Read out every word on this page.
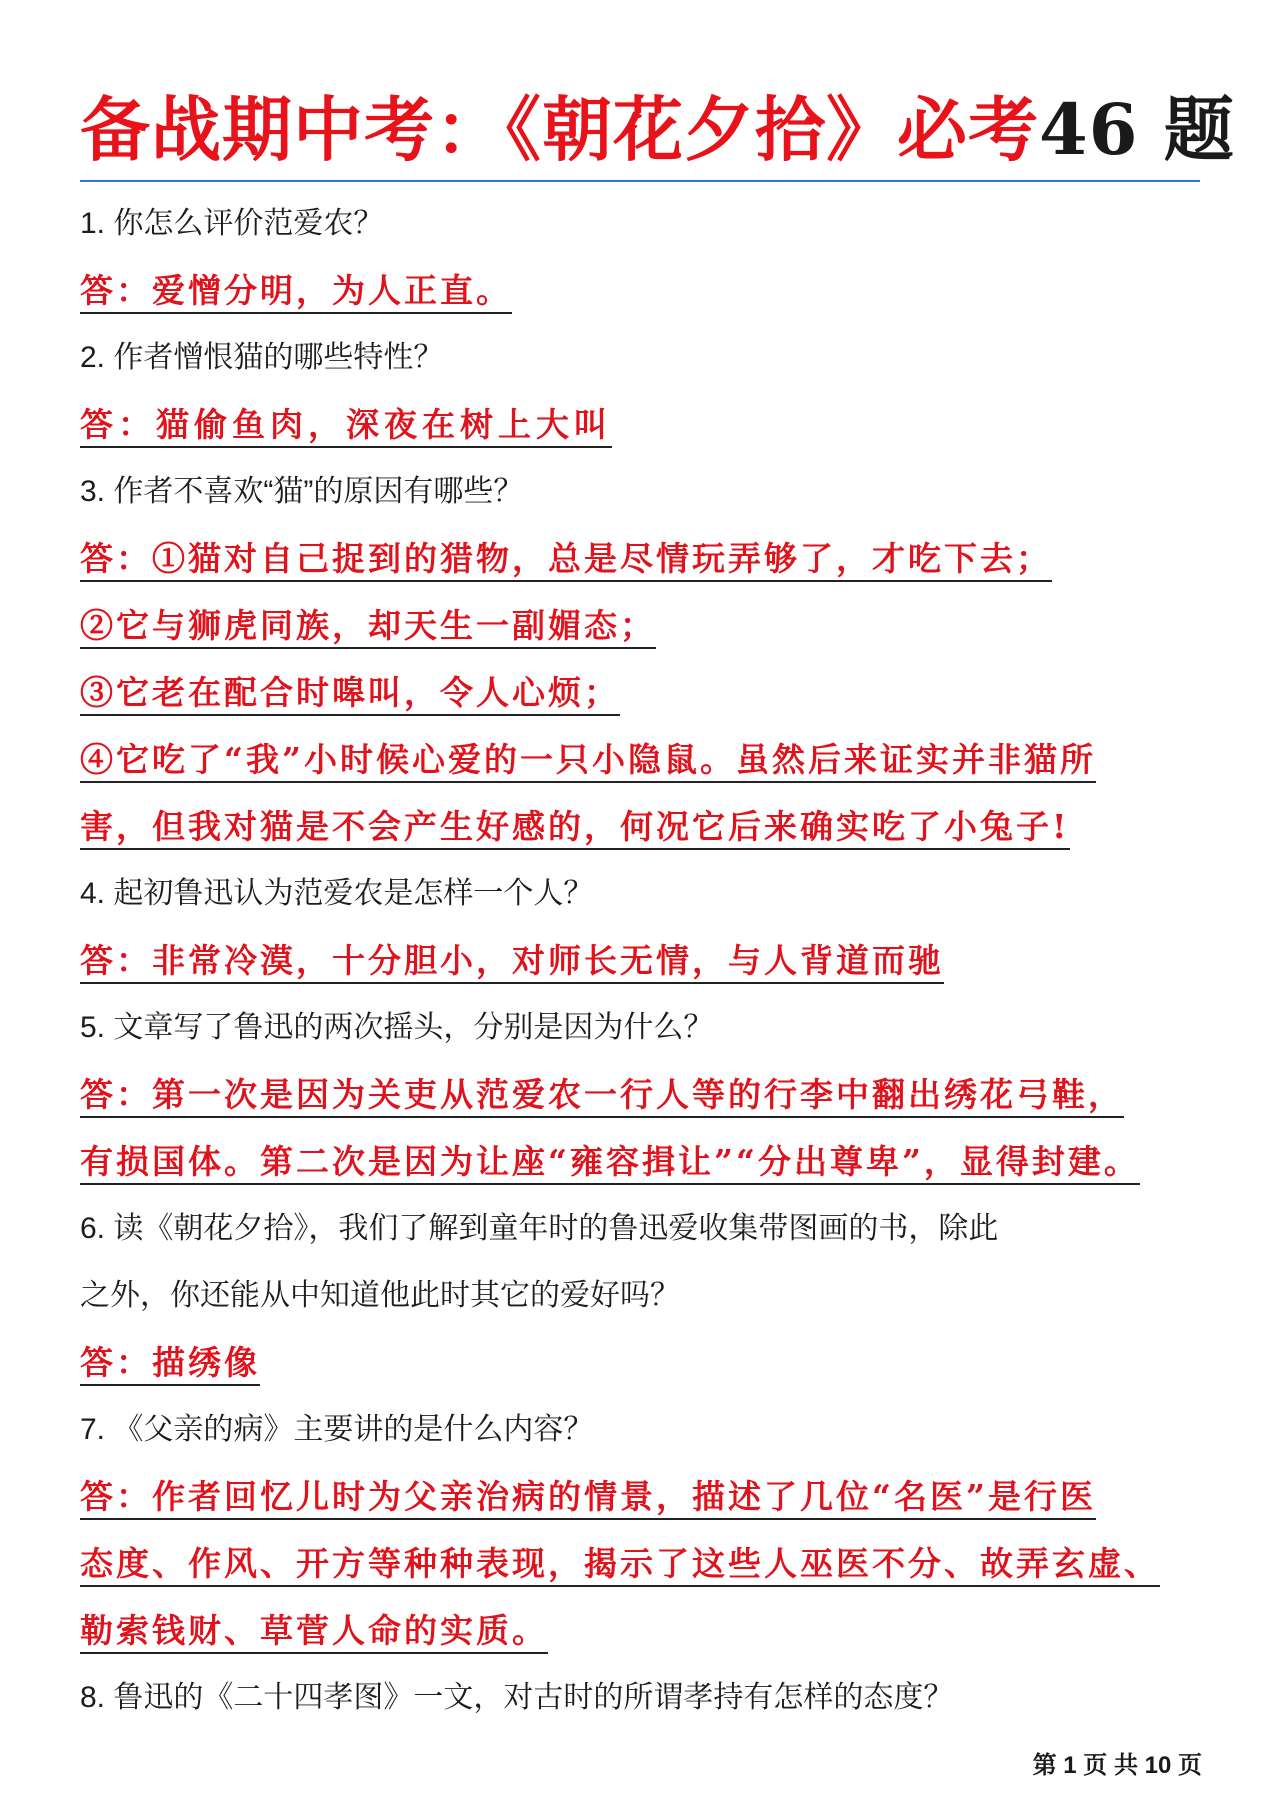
备战期中考：《朝花夕拾》必考46 题
1. 你怎么评价范爱农？
答：爱憎分明，为人正直。
2. 作者憎恨猫的哪些特性？
答：猫偷鱼肉，深夜在树上大叫
3. 作者不喜欢“猫”的原因有哪些？
答：①猫对自己捉到的猎物，总是尽情玩弄够了，才吃下去；
②它与狮虎同族，却天生一副媚态；
③它老在配合时嗥叫，令人心烦；
④它吃了“我”小时候心爱的一只小隐鼠。虽然后来证实并非猫所
害，但我对猫是不会产生好感的，何况它后来确实吃了小兔子!
4. 起初鲁迅认为范爱农是怎样一个人？
答：非常冷漠，十分胆小，对师长无情，与人背道而驰
5. 文章写了鲁迅的两次摇头，分别是因为什么？
答：第一次是因为关吏从范爱农一行人等的行李中翻出绣花弓鞋，
有损国体。第二次是因为让座“雍容揖让”“分出尊卑”，显得封建。
6. 读《朝花夕拾》，我们了解到童年时的鲁迅爱收集带图画的书，除此
之外，你还能从中知道他此时其它的爱好吗？
答：描绣像
7. 《父亲的病》主要讲的是什么内容？
答：作者回忆儿时为父亲治病的情景，描述了几位“名医”是行医
态度、作风、开方等种种表现，揭示了这些人巫医不分、故弄玄虚、
勒索钱财、草菅人命的实质。
8. 鲁迅的《二十四孝图》一文，对古时的所谓孝持有怎样的态度？
第 1 页 共 10 页
